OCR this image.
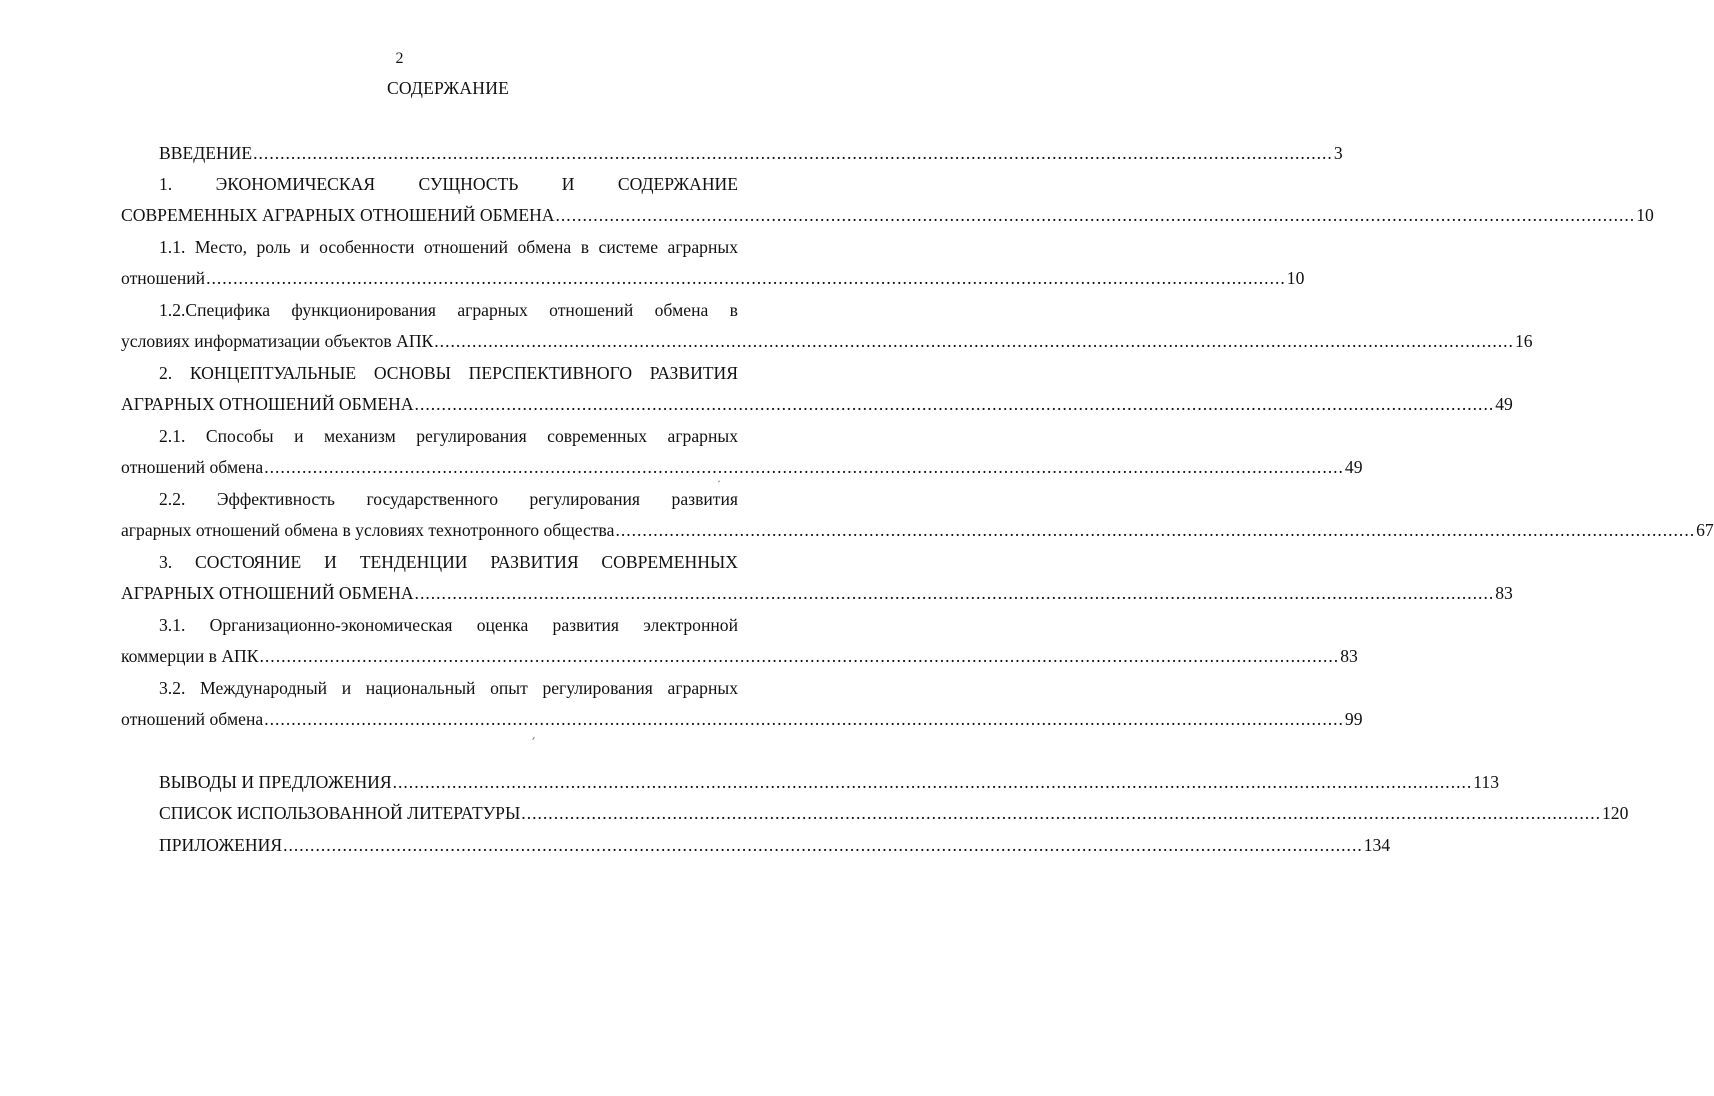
2
СОДЕРЖАНИЕ
ВВЕДЕНИЕ ........................................................................................................................................................................................................ 3
1. ЭКОНОМИЧЕСКАЯ СУЩНОСТЬ И СОДЕРЖАНИЕ
СОВРЕМЕННЫХ АГРАРНЫХ ОТНОШЕНИЙ ОБМЕНА ........................................................................................................................................................................................................ 10
1.1. Место, роль и особенности отношений обмена в системе аграрных
отношений ........................................................................................................................................................................................................ 10
1.2.Специфика функционирования аграрных отношений обмена в
условиях информатизации объектов АПК ........................................................................................................................................................................................................ 16
2. КОНЦЕПТУАЛЬНЫЕ ОСНОВЫ ПЕРСПЕКТИВНОГО РАЗВИТИЯ
АГРАРНЫХ ОТНОШЕНИЙ ОБМЕНА ........................................................................................................................................................................................................ 49
2.1. Способы и механизм регулирования современных аграрных
отношений обмена ........................................................................................................................................................................................................ 49
2.2. Эффективность государственного регулирования развития
аграрных отношений обмена в условиях технотронного общества ........................................................................................................................................................................................................ 67
3. СОСТОЯНИЕ И ТЕНДЕНЦИИ РАЗВИТИЯ СОВРЕМЕННЫХ
АГРАРНЫХ ОТНОШЕНИЙ ОБМЕНА ........................................................................................................................................................................................................ 83
3.1. Организационно-экономическая оценка развития электронной
коммерции в АПК ........................................................................................................................................................................................................ 83
3.2. Международный и национальный опыт регулирования аграрных
отношений обмена ........................................................................................................................................................................................................ 99
ВЫВОДЫ И ПРЕДЛОЖЕНИЯ ........................................................................................................................................................................................................ 113
СПИСОК ИСПОЛЬЗОВАННОЙ ЛИТЕРАТУРЫ ........................................................................................................................................................................................................ 120
ПРИЛОЖЕНИЯ ........................................................................................................................................................................................................ 134
